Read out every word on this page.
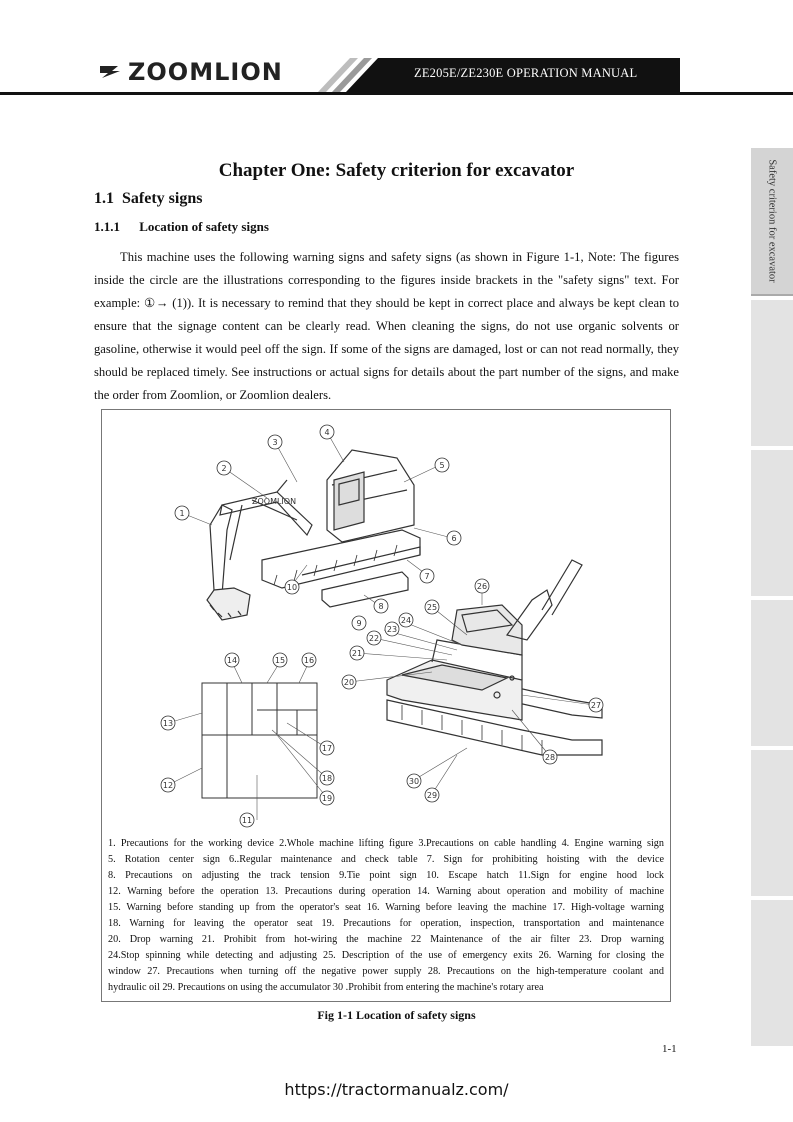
ZOOMLION	ZE205E/ZE230E OPERATION MANUAL
Safety criterion for excavator
Chapter One: Safety criterion for excavator
1.1 Safety signs
1.1.1 Location of safety signs
This machine uses the following warning signs and safety signs (as shown in Figure 1-1, Note: The figures inside the circle are the illustrations corresponding to the figures inside brackets in the "safety signs" text. For example: ①→ (1)). It is necessary to remind that they should be kept in correct place and always be kept clean to ensure that the signage content can be clearly read. When cleaning the signs, do not use organic solvents or gasoline, otherwise it would peel off the sign. If some of the signs are damaged, lost or can not read normally, they should be replaced timely. See instructions or actual signs for details about the part number of the signs, and make the order from Zoomlion, or Zoomlion dealers.
ZOOMLION
1
2
3
4
5
6
7
8
9
10
11
12
13
14	15 16
17
18
19
20
21
22
23
24
25
26
27
28
29
30
1. Precautions for the working device 2.Whole machine lifting figure 3.Precautions on cable handling 4. Engine warning sign
5. Rotation center sign 6..Regular maintenance and check table 7. Sign for prohibiting hoisting with the device
8. Precautions on adjusting the track tension 9.Tie point sign 10. Escape hatch 11.Sign for engine hood lock
12. Warning before the operation 13. Precautions during operation 14. Warning about operation and mobility of machine
15. Warning before standing up from the operator's seat 16. Warning before leaving the machine 17. High-voltage warning
18. Warning for leaving the operator seat 19. Precautions for operation, inspection, transportation and maintenance
20. Drop warning 21. Prohibit from hot-wiring the machine 22 Maintenance of the air filter 23. Drop warning
24.Stop spinning while detecting and adjusting 25. Description of the use of emergency exits 26. Warning for closing the
window 27. Precautions when turning off the negative power supply 28. Precautions on the high-temperature coolant and
hydraulic oil 29. Precautions on using the accumulator 30 .Prohibit from entering the machine's rotary area
Fig 1-1 Location of safety signs
1-1
https://tractormanualz.com/
